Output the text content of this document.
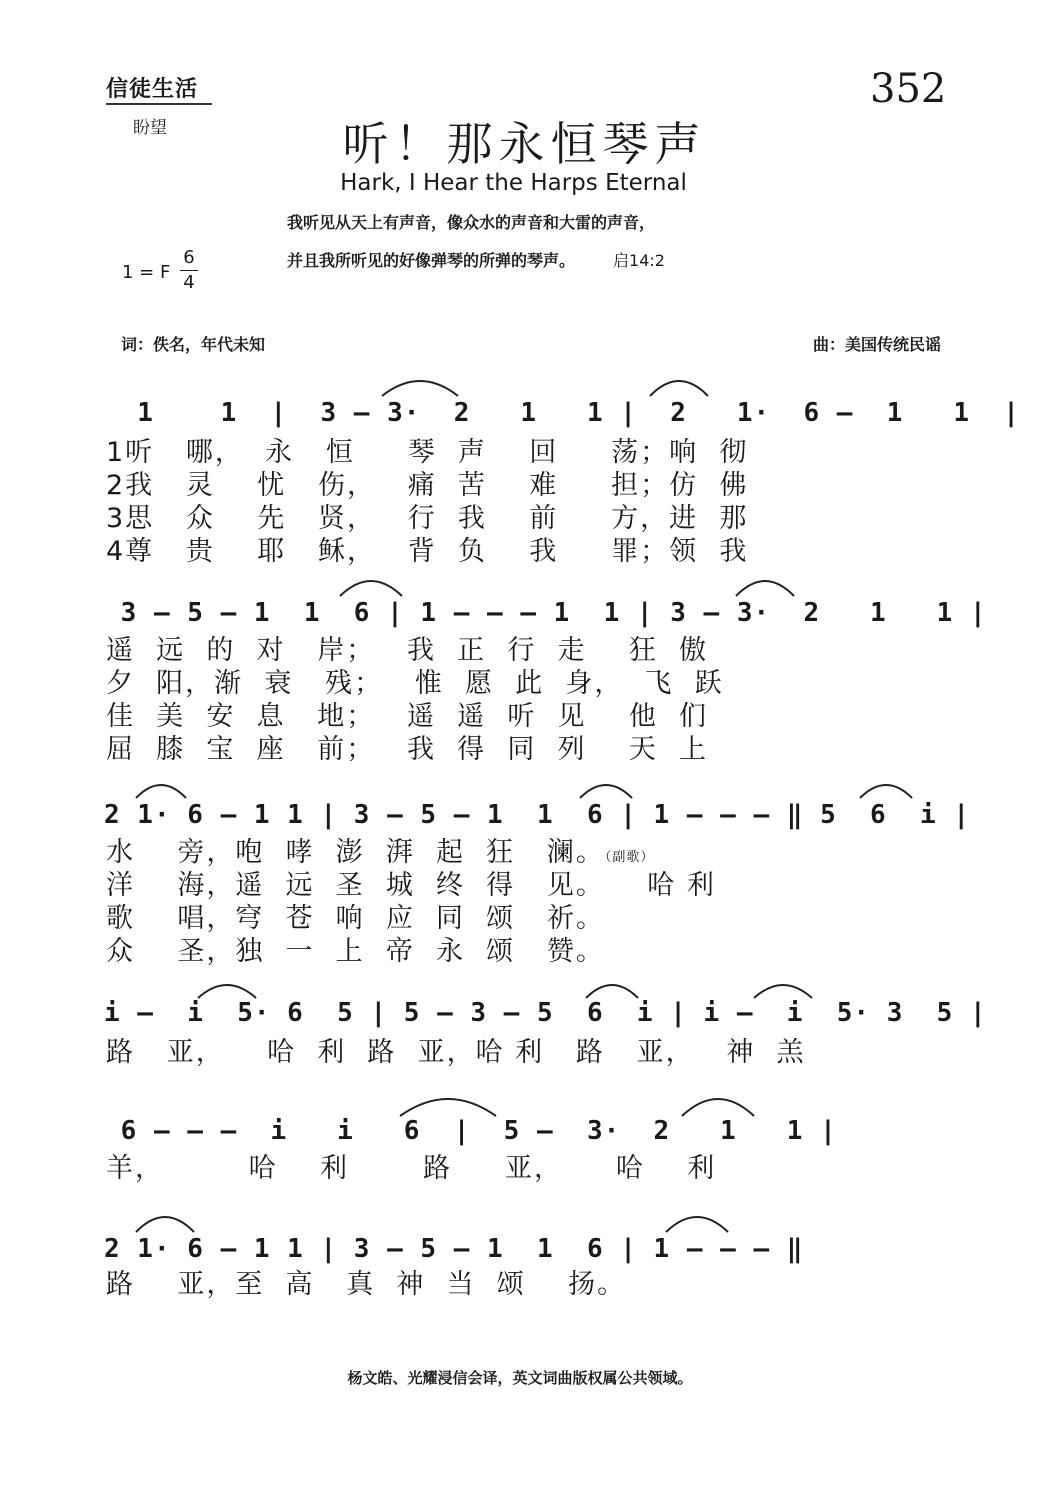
信徒生活
盼望
352
听！那永恒琴声
Hark, I Hear the Harps Eternal
我听见从天上有声音，像众水的声音和大雷的声音，
并且我所听见的好像弹琴的所弹的琴声。 启14:2
1 = F
6
4
词：佚名，年代未知	曲：美国传统民谣
1    1  |  3 – 3·  2   1   1 |  2   1·  6 –  1   1  |
1听   哪，  永   恒     琴  声    回     荡；响  彻
2我   灵    忧   伤，   痛  苦    难     担；仿  佛
3思   众    先   贤，   行  我    前     方，进  那
4尊   贵    耶   稣，   背  负    我     罪；领  我
3 – 5 – 1  1  6 | 1 – – – 1  1 | 3 – 3·  2   1   1 |
遥  远  的  对   岸；   我  正  行  走    狂  傲
夕  阳，渐  衰   残；   惟  愿  此  身，  飞  跃
佳  美  安  息   地；   遥  遥  听  见    他  们
屈  膝  宝  座   前；   我  得  同  列    天  上
2 1· 6 – 1 1 | 3 – 5 – 1  1  6 | 1 – – – ‖ 5  6  i |
水    旁，咆  哮  澎  湃  起  狂   澜。（副歌）
洋    海，遥  远  圣  城  终  得   见。    哈 利
歌    唱，穹  苍  响  应  同  颂   祈。
众    圣，独  一  上  帝  永  颂   赞。
i –  i  5· 6  5 | 5 – 3 – 5  6  i | i –  i  5· 3  5 |
路   亚，    哈  利  路  亚，哈 利   路   亚，   神  羔
6 – – –  i   i   6  |  5 –  3·  2   1   1 |
羊，        哈    利       路     亚，     哈    利
2 1· 6 – 1 1 | 3 – 5 – 1  1  6 | 1 – – – ‖
路    亚，至  高   真  神  当  颂    扬。
杨文皓、光耀浸信会译，英文词曲版权属公共领域。
